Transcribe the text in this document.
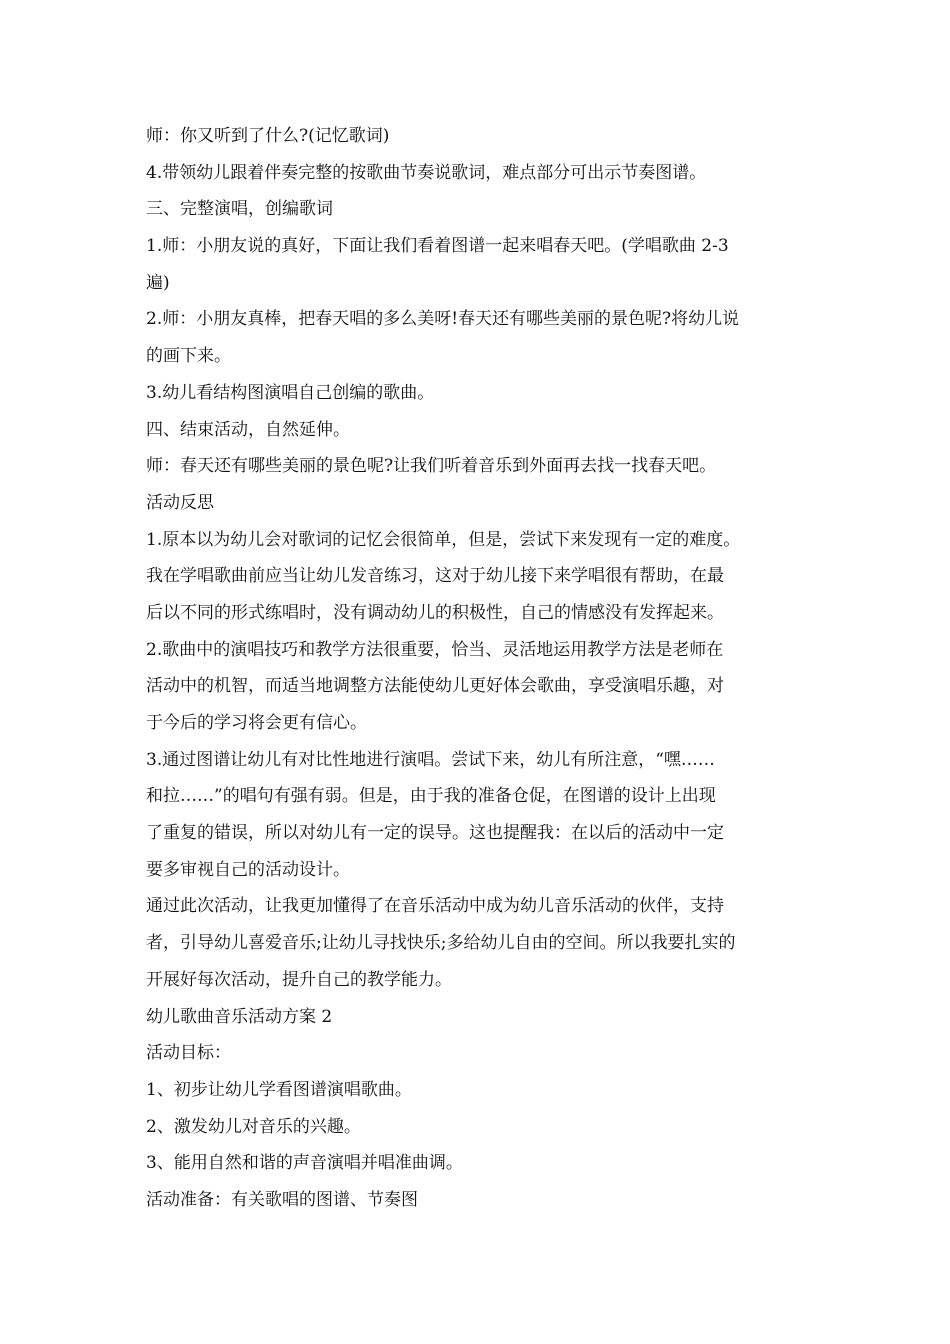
师：你又听到了什么?(记忆歌词)
4.带领幼儿跟着伴奏完整的按歌曲节奏说歌词，难点部分可出示节奏图谱。
三、完整演唱，创编歌词
1.师：小朋友说的真好，下面让我们看着图谱一起来唱春天吧。(学唱歌曲 2-3
遍)
2.师：小朋友真棒，把春天唱的多么美呀!春天还有哪些美丽的景色呢?将幼儿说
的画下来。
3.幼儿看结构图演唱自己创编的歌曲。
四、结束活动，自然延伸。
师：春天还有哪些美丽的景色呢?让我们听着音乐到外面再去找一找春天吧。
活动反思
1.原本以为幼儿会对歌词的记忆会很简单，但是，尝试下来发现有一定的难度。
我在学唱歌曲前应当让幼儿发音练习，这对于幼儿接下来学唱很有帮助，在最
后以不同的形式练唱时，没有调动幼儿的积极性，自己的情感没有发挥起来。
2.歌曲中的演唱技巧和教学方法很重要，恰当、灵活地运用教学方法是老师在
活动中的机智，而适当地调整方法能使幼儿更好体会歌曲，享受演唱乐趣，对
于今后的学习将会更有信心。
3.通过图谱让幼儿有对比性地进行演唱。尝试下来，幼儿有所注意，“嘿……
和拉……”的唱句有强有弱。但是，由于我的准备仓促，在图谱的设计上出现
了重复的错误，所以对幼儿有一定的误导。这也提醒我：在以后的活动中一定
要多审视自己的活动设计。
通过此次活动，让我更加懂得了在音乐活动中成为幼儿音乐活动的伙伴，支持
者，引导幼儿喜爱音乐;让幼儿寻找快乐;多给幼儿自由的空间。所以我要扎实的
开展好每次活动，提升自己的教学能力。
幼儿歌曲音乐活动方案 2
活动目标：
1、初步让幼儿学看图谱演唱歌曲。
2、激发幼儿对音乐的兴趣。
3、能用自然和谐的声音演唱并唱准曲调。
活动准备：有关歌唱的图谱、节奏图
